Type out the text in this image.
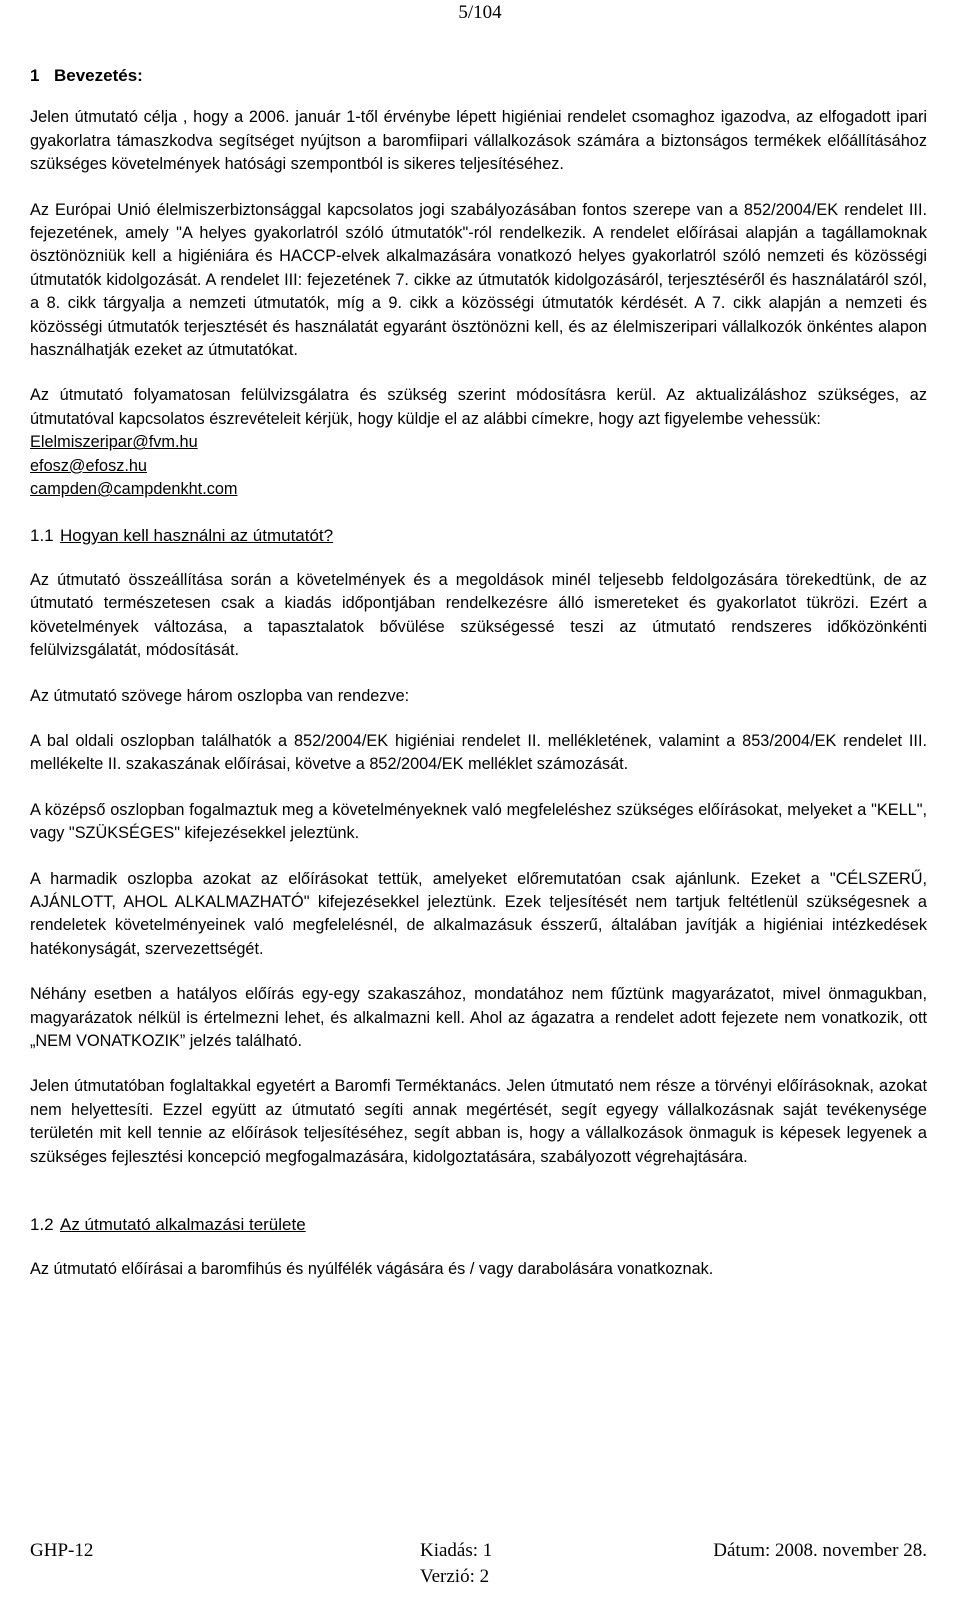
5/104
1 Bevezetés:

Jelen útmutató célja , hogy a 2006. január 1-től érvénybe lépett higiéniai rendelet csomaghoz igazodva, az elfogadott ipari gyakorlatra támaszkodva segítséget nyújtson a baromfiipari vállalkozások számára a biztonságos termékek előállításához szükséges követelmények hatósági szempontból is sikeres teljesítéséhez.

Az Európai Unió élelmiszerbiztonsággal kapcsolatos jogi szabályozásában fontos szerepe van a 852/2004/EK rendelet III. fejezetének, amely "A helyes gyakorlatról szóló útmutatók"-ról rendelkezik. A rendelet előírásai alapján a tagállamoknak ösztönözniük kell a higiéniára és HACCP-elvek alkalmazására vonatkozó helyes gyakorlatról szóló nemzeti és közösségi útmutatók kidolgozását. A rendelet III: fejezetének 7. cikke az útmutatók kidolgozásáról, terjesztéséről és használatáról szól, a 8. cikk tárgyalja a nemzeti útmutatók, míg a 9. cikk a közösségi útmutatók kérdését. A 7. cikk alapján a nemzeti és közösségi útmutatók terjesztését és használatát egyaránt ösztönözni kell, és az élelmiszeripari vállalkozók önkéntes alapon használhatják ezeket az útmutatókat.

Az útmutató folyamatosan felülvizsgálatra és szükség szerint módosításra kerül. Az aktualizáláshoz szükséges, az útmutatóval kapcsolatos észrevételeit kérjük, hogy küldje el az alábbi címekre, hogy azt figyelembe vehessük:

Elelmiszeripar@fvm.hu
efosz@efosz.hu
campden@campdenkht.com
1.1 Hogyan kell használni az útmutatót?

Az útmutató összeállítása során a követelmények és a megoldások minél teljesebb feldolgozására törekedtünk, de az útmutató természetesen csak a kiadás időpontjában rendelkezésre álló ismereteket és gyakorlatot tükrözi. Ezért a követelmények változása, a tapasztalatok bővülése szükségessé teszi az útmutató rendszeres időközönkénti felülvizsgálatát, módosítását.

Az útmutató szövege három oszlopba van rendezve:

A bal oldali oszlopban találhatók a 852/2004/EK higiéniai rendelet II. mellékletének, valamint a 853/2004/EK rendelet III. mellékelte II. szakaszának előírásai, követve a 852/2004/EK melléklet számozását.

A középső oszlopban fogalmaztuk meg a követelményeknek való megfeleléshez szükséges előírásokat, melyeket a "KELL", vagy "SZÜKSÉGES" kifejezésekkel jeleztünk.

A harmadik oszlopba azokat az előírásokat tettük, amelyeket előremutatóan csak ajánlunk. Ezeket a "CÉLSZERŰ, AJÁNLOTT, AHOL ALKALMAZHATÓ" kifejezésekkel jeleztünk. Ezek teljesítését nem tartjuk feltétlenül szükségesnek a rendeletek követelményeinek való megfelelésnél, de alkalmazásuk ésszerű, általában javítják a higiéniai intézkedések hatékonyságát, szervezettségét.

Néhány esetben a hatályos előírás egy-egy szakaszához, mondatához nem fűztünk magyarázatot, mivel önmagukban, magyarázatok nélkül is értelmezni lehet, és alkalmazni kell. Ahol az ágazatra a rendelet adott fejezete nem vonatkozik, ott „NEM VONATKOZIK” jelzés található.

Jelen útmutatóban foglaltakkal egyetért a Baromfi Terméktanács. Jelen útmutató nem része a törvényi előírásoknak, azokat nem helyettesíti. Ezzel együtt az útmutató segíti annak megértését, segít egyegy vállalkozásnak saját tevékenysége területén mit kell tennie az előírások teljesítéséhez, segít abban is, hogy a vállalkozások önmaguk is képesek legyenek a szükséges fejlesztési koncepció megfogalmazására, kidolgoztatására, szabályozott végrehajtására.

1.2 Az útmutató alkalmazási területe

Az útmutató előírásai a baromfihús és nyúlfélék vágására és / vagy darabolására vonatkoznak.

GHP-12	Kiadás: 1
Verzió: 2
Dátum: 2008. november 28.
